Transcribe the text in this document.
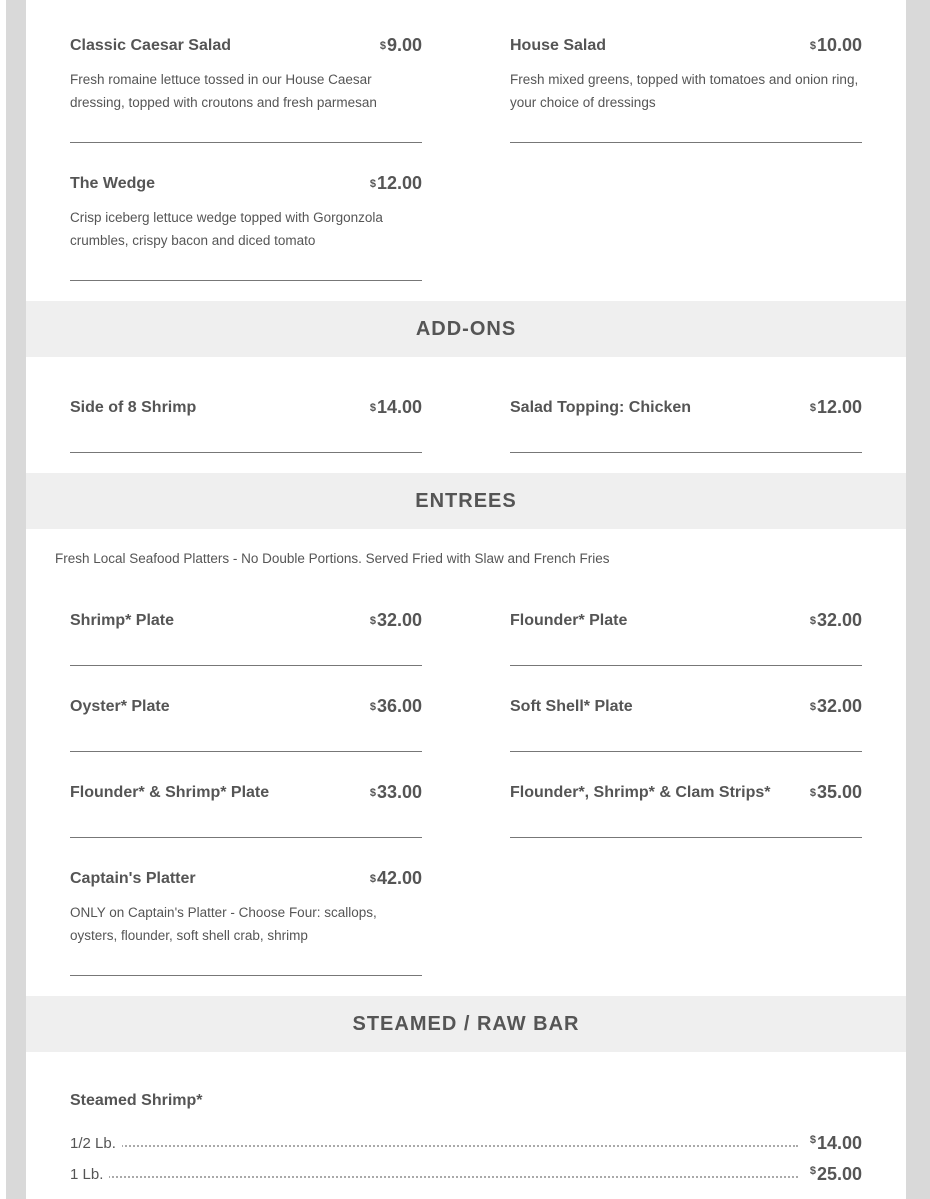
Classic Caesar Salad	$9.00
Fresh romaine lettuce tossed in our House Caesar dressing, topped with croutons and fresh parmesan
House Salad	$10.00
Fresh mixed greens, topped with tomatoes and onion ring, your choice of dressings
The Wedge	$12.00
Crisp iceberg lettuce wedge topped with Gorgonzola crumbles, crispy bacon and diced tomato
ADD-ONS
Side of 8 Shrimp	$14.00	Salad Topping: Chicken	$12.00
ENTREES
Fresh Local Seafood Platters - No Double Portions. Served Fried with Slaw and French Fries
Shrimp* Plate	$32.00	Flounder* Plate	$32.00
Oyster* Plate	$36.00	Soft Shell* Plate	$32.00
Flounder* & Shrimp* Plate	$33.00	Flounder*, Shrimp* & Clam Strips*	$35.00
Captain's Platter	$42.00
ONLY on Captain's Platter - Choose Four: scallops, oysters, flounder, soft shell crab, shrimp
STEAMED / RAW BAR
Steamed Shrimp*
1/2 Lb.	$14.00
1 Lb.	$25.00
